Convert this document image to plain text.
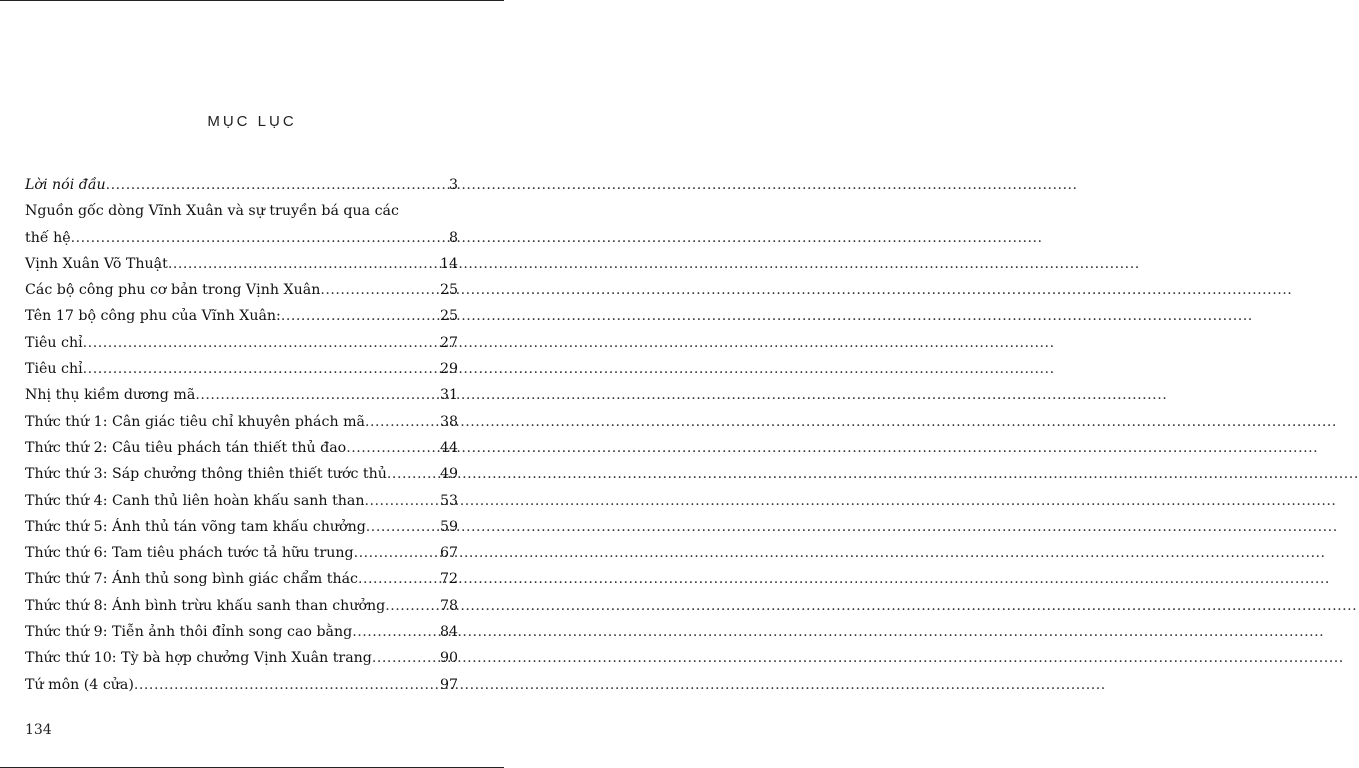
MỤC LỤC
Lời nói đầu .....	3
Nguồn gốc dòng Vĩnh Xuân và sự truyền bá qua các
thế hệ .....	8
Vịnh Xuân Võ Thuật .....	14
Các bộ công phu cơ bản trong Vịnh Xuân .....	25
Tên 17 bộ công phu của Vĩnh Xuân: .....	25
Tiêu chỉ .....	27
Tiêu chỉ .....	29
Nhị thụ kiềm dương mã .....	31
Thức thứ 1: Cân giác tiêu chỉ khuyên phách mã .....	38
Thức thứ 2: Câu tiêu phách tán thiết thủ đao .....	44
Thức thứ 3: Sáp chưởng thông thiên thiết tước thủ .....	49
Thức thứ 4: Canh thủ liên hoàn khấu sanh than .....	53
Thức thứ 5: Ánh thủ tán võng tam khấu chưởng .....	59
Thức thứ 6: Tam tiêu phách tước tả hữu trung .....	67
Thức thứ 7: Ánh thủ song bình giác chẩm thác .....	72
Thức thứ 8: Ánh bình trừu khấu sanh than chưởng .....	78
Thức thứ 9: Tiễn ảnh thôi đỉnh song cao bằng .....	84
Thức thứ 10: Tỳ bà hợp chưởng Vịnh Xuân trang .....	90
Tứ môn (4 cửa) .....	97
134
